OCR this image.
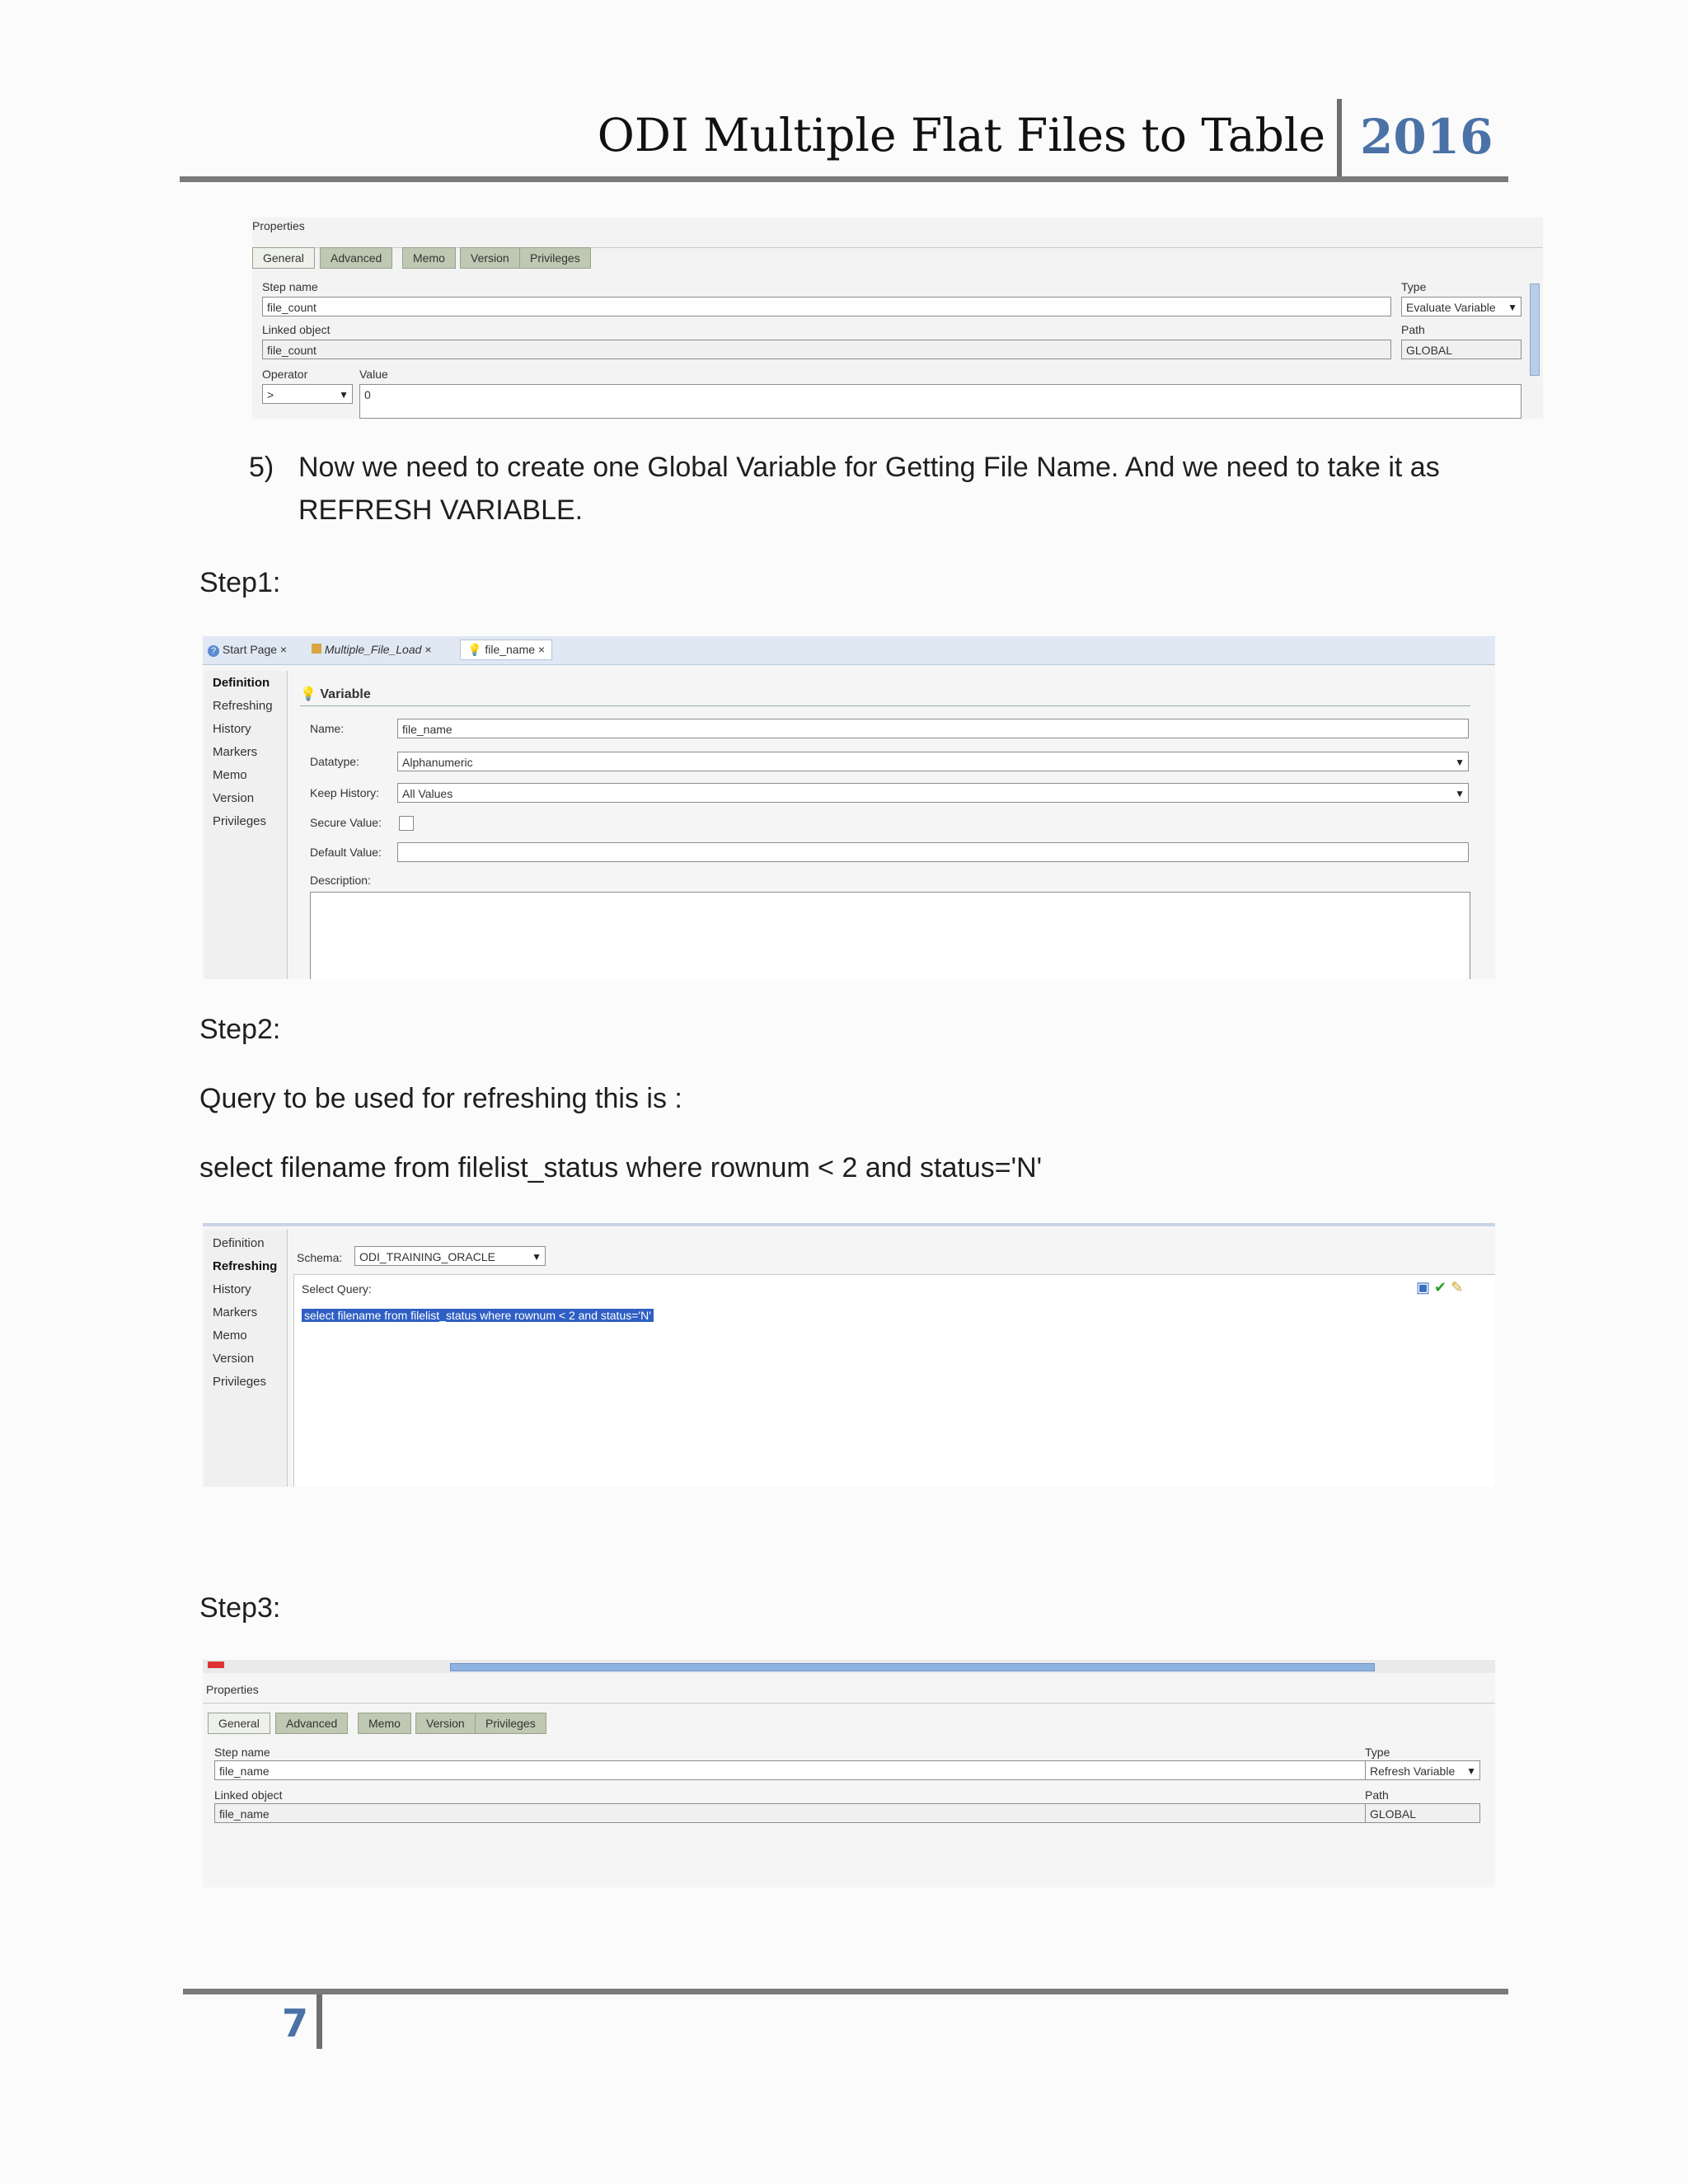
ODI Multiple Flat Files to Table 2016
Properties
General	Advanced	Memo	Version	Privileges
Step name
file_count
Linked object
file_count
Operator	Value
>	▼	0
Type
Evaluate Variable ▼
Path
GLOBAL
5) Now we need to create one Global Variable for Getting File Name. And we need to take it as
REFRESH VARIABLE.
Step1:
? Start Page ×	Multiple_File_Load ×	💡 file_name ×
Definition
Refreshing
History
Markers
Memo
Version
Privileges
💡 Variable
Name:	file_name
Datatype:	Alphanumeric	▼
Keep History:	All Values	▼
Secure Value:
Default Value:
Description:
Step2:
Query to be used for refreshing this is :
select filename from filelist_status where rownum < 2 and status='N'
Definition
Refreshing
History
Markers
Memo
Version
Privileges
Schema:	ODI_TRAINING_ORACLE	▼
Select Query:	▣ ✔ ✎
select filename from filelist_status where rownum < 2 and status='N'
Step3:
Properties
General	Advanced	Memo	Version	Privileges
Step name
file_name
Linked object
file_name
Type
Refresh Variable ▼
Path
GLOBAL
7
